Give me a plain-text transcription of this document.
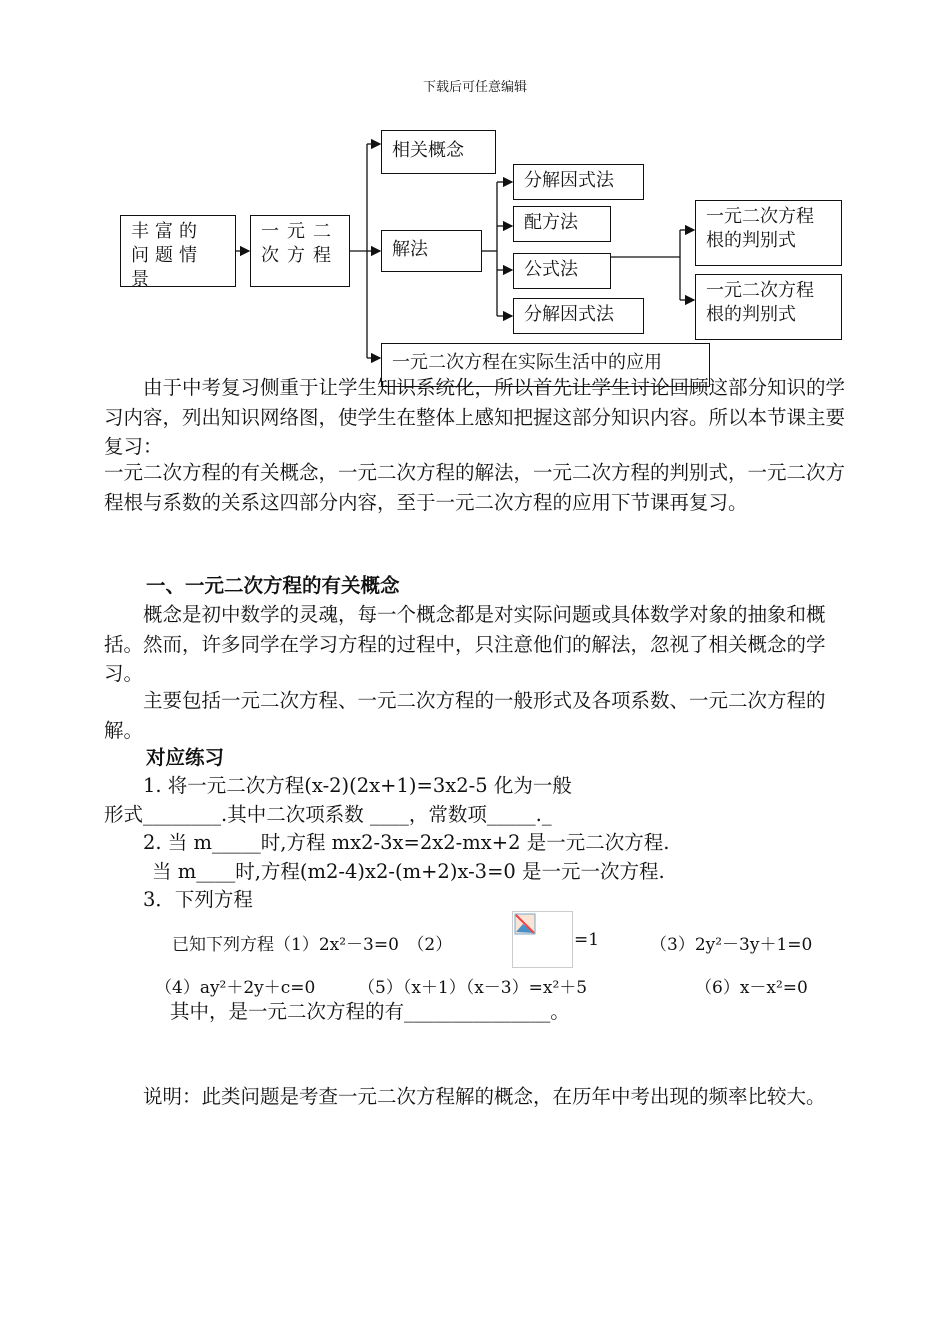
下载后可任意编辑
丰富的问题情景
一元二次方程
相关概念
解法
分解因式法
配方法
公式法
分解因式法
一元二次方程根的判别式
一元二次方程根的判别式
一元二次方程在实际生活中的应用
由于中考复习侧重于让学生知识系统化，所以首先让学生讨论回顾这部分知识的学习内容，列出知识网络图，使学生在整体上感知把握这部分知识内容。所以本节课主要复习：
一元二次方程的有关概念，一元二次方程的解法，一元二次方程的判别式，一元二次方程根与系数的关系这四部分内容，至于一元二次方程的应用下节课再复习。
一、一元二次方程的有关概念
概念是初中数学的灵魂，每一个概念都是对实际问题或具体数学对象的抽象和概括。然而，许多同学在学习方程的过程中，只注意他们的解法，忽视了相关概念的学习。
主要包括一元二次方程、一元二次方程的一般形式及各项系数、一元二次方程的解。
对应练习
1. 将一元二次方程(x-2)(2x+1)=3x2-5 化为一般
形式________.其中二次项系数 ____，常数项_____._
2. 当 m_____时,方程 mx2-3x=2x2-mx+2 是一元二次方程.
当 m____时,方程(m2-4)x2-(m+2)x-3=0 是一元一次方程.
3．下列方程
已知下列方程（1）2x²－3=0　（2）	=1	（3）2y²－3y＋1=0
（4）ay²＋2y＋c=0	（5）（x＋1）（x－3）=x²＋5	（6）x－x²=0
其中，是一元二次方程的有_______________。
说明：此类问题是考查一元二次方程解的概念，在历年中考出现的频率比较大。
